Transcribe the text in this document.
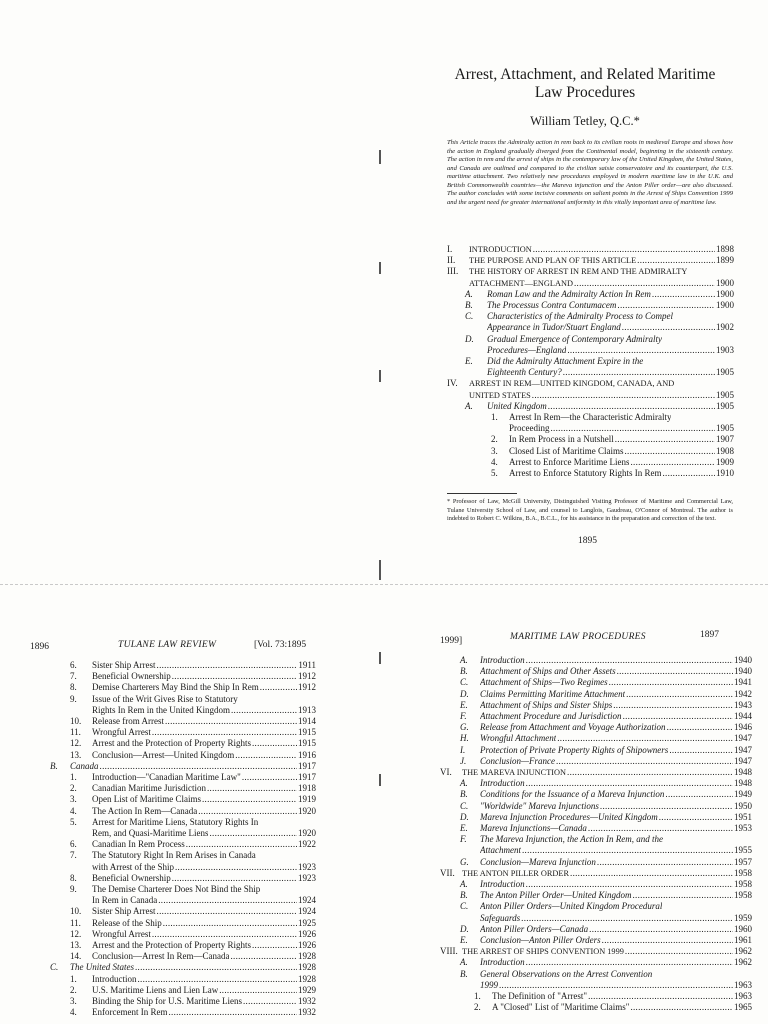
Arrest, Attachment, and Related Maritime
Law Procedures
William Tetley, Q.C.*
This Article traces the Admiralty action in rem back to its civilian roots in medieval Europe and shows how the action in England gradually diverged from the Continental model, beginning in the sixteenth century. The action in rem and the arrest of ships in the contemporary law of the United Kingdom, the United States, and Canada are outlined and compared to the civilian saisie conservatoire and its counterpart, the U.S. maritime attachment. Two relatively new procedures employed in modern maritime law in the U.K. and British Commonwealth countries—the Mareva injunction and the Anton Piller order—are also discussed. The author concludes with some incisive comments on salient points in the Arrest of Ships Convention 1999 and the urgent need for greater international uniformity in this vitally important area of maritime law.
I.	INTRODUCTION .....	1898
II.	THE PURPOSE AND PLAN OF THIS ARTICLE .....	1899
III.	THE HISTORY OF ARREST IN REM AND THE ADMIRALTY
ATTACHMENT—ENGLAND .....	1900
A.	Roman Law and the Admiralty Action In Rem .....	1900
B.	The Processus Contra Contumacem .....	1900
C.	Characteristics of the Admiralty Process to Compel
Appearance in Tudor/Stuart England .....	1902
D.	Gradual Emergence of Contemporary Admiralty
Procedures—England .....	1903
E.	Did the Admiralty Attachment Expire in the
Eighteenth Century? .....	1905
IV.	ARREST IN REM—UNITED KINGDOM, CANADA, AND
UNITED STATES .....	1905
A.	United Kingdom .....	1905
1.	Arrest In Rem—the Characteristic Admiralty
Proceeding .....	1905
2.	In Rem Process in a Nutshell .....	1907
3.	Closed List of Maritime Claims .....	1908
4.	Arrest to Enforce Maritime Liens .....	1909
5.	Arrest to Enforce Statutory Rights In Rem .....	1910
* Professor of Law, McGill University, Distinguished Visiting Professor of Maritime and Commercial Law, Tulane University School of Law, and counsel to Langlois, Gaudreau, O'Connor of Montreal. The author is indebted to Robert C. Wilkins, B.A., B.C.L., for his assistance in the preparation and correction of the text.
1895
1896	TULANE LAW REVIEW	[Vol. 73:1895
6.	Sister Ship Arrest .....	1911
7.	Beneficial Ownership .....	1912
8.	Demise Charterers May Bind the Ship In Rem .....	1912
9.	Issue of the Writ Gives Rise to Statutory
Rights In Rem in the United Kingdom .....	1913
10.	Release from Arrest .....	1914
11.	Wrongful Arrest .....	1915
12.	Arrest and the Protection of Property Rights .....	1915
13.	Conclusion—Arrest—United Kingdom .....	1916
B.	Canada .....	1917
1.	Introduction—"Canadian Maritime Law" .....	1917
2.	Canadian Maritime Jurisdiction .....	1918
3.	Open List of Maritime Claims .....	1919
4.	The Action In Rem—Canada .....	1920
5.	Arrest for Maritime Liens, Statutory Rights In
Rem, and Quasi-Maritime Liens .....	1920
6.	Canadian In Rem Process .....	1922
7.	The Statutory Right In Rem Arises in Canada
with Arrest of the Ship .....	1923
8.	Beneficial Ownership .....	1923
9.	The Demise Charterer Does Not Bind the Ship
In Rem in Canada .....	1924
10.	Sister Ship Arrest .....	1924
11.	Release of the Ship .....	1925
12.	Wrongful Arrest .....	1926
13.	Arrest and the Protection of Property Rights .....	1926
14.	Conclusion—Arrest In Rem—Canada .....	1928
C.	The United States .....	1928
1.	Introduction .....	1928
2.	U.S. Maritime Liens and Lien Law .....	1929
3.	Binding the Ship for U.S. Maritime Liens .....	1932
4.	Enforcement In Rem .....	1932
1999]	MARITIME LAW PROCEDURES	1897
A.	Introduction .....	1940
B.	Attachment of Ships and Other Assets .....	1940
C.	Attachment of Ships—Two Regimes .....	1941
D.	Claims Permitting Maritime Attachment .....	1942
E.	Attachment of Ships and Sister Ships .....	1943
F.	Attachment Procedure and Jurisdiction .....	1944
G.	Release from Attachment and Voyage Authorization .....	1946
H.	Wrongful Attachment .....	1947
I.	Protection of Private Property Rights of Shipowners .....	1947
J.	Conclusion—France .....	1947
VI.	THE MAREVA INJUNCTION .....	1948
A.	Introduction .....	1948
B.	Conditions for the Issuance of a Mareva Injunction .....	1949
C.	"Worldwide" Mareva Injunctions .....	1950
D.	Mareva Injunction Procedures—United Kingdom .....	1951
E.	Mareva Injunctions—Canada .....	1953
F.	The Mareva Injunction, the Action In Rem, and the
Attachment .....	1955
G.	Conclusion—Mareva Injunction .....	1957
VII. THE ANTON PILLER ORDER .....	1958
A.	Introduction .....	1958
B.	The Anton Piller Order—United Kingdom .....	1958
C.	Anton Piller Orders—United Kingdom Procedural
Safeguards .....	1959
D.	Anton Piller Orders—Canada .....	1960
E.	Conclusion—Anton Piller Orders .....	1961
VIII. THE ARREST OF SHIPS CONVENTION 1999 .....	1962
A.	Introduction .....	1962
B.	General Observations on the Arrest Convention
1999 .....	1963
1.	The Definition of "Arrest" .....	1963
2.	A "Closed" List of "Maritime Claims" .....	1965
